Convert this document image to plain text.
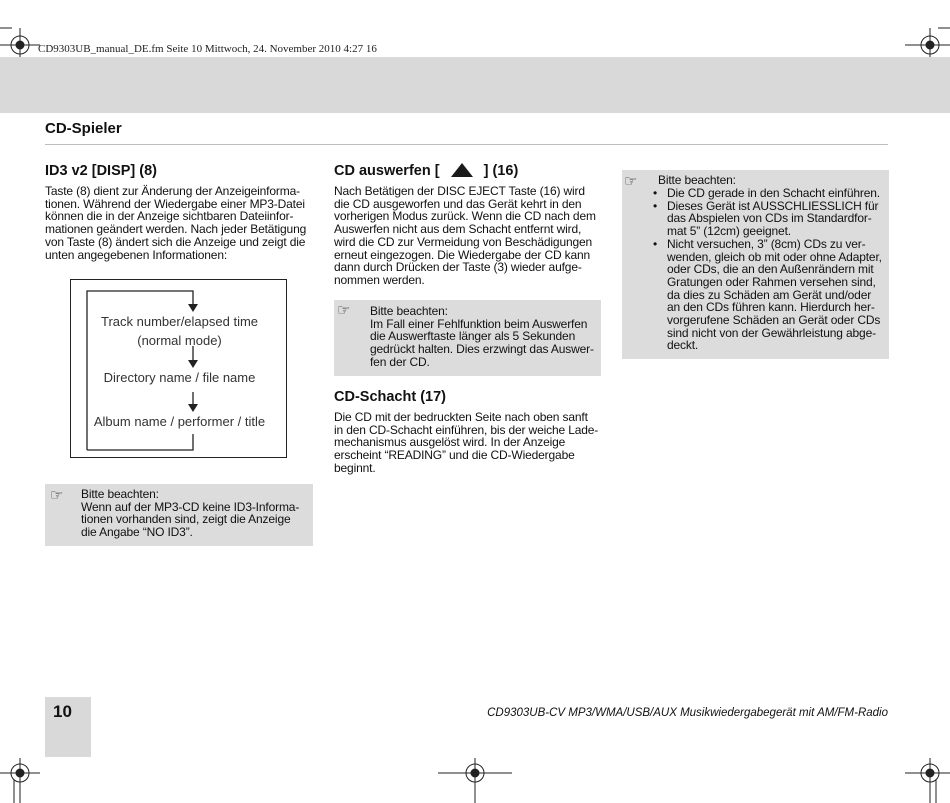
CD9303UB_manual_DE.fm Seite 10 Mittwoch, 24. November 2010 4:27 16
CD-Spieler
ID3 v2 [DISP] (8)
Taste (8) dient zur Änderung der Anzeigeinforma-
tionen. Während der Wiedergabe einer MP3-Datei
können die in der Anzeige sichtbaren Dateiinfor-
mationen geändert werden. Nach jeder Betätigung
von Taste (8) ändert sich die Anzeige und zeigt die
unten angegebenen Informationen:
Track number/elapsed time
(normal mode)
Directory name / file name
Album name / performer / title
☞ Bitte beachten:
Wenn auf der MP3-CD keine ID3-Informa-
tionen vorhanden sind, zeigt die Anzeige
die Angabe “NO ID3”.
CD auswerfen [	] (16)
Nach Betätigen der DISC EJECT Taste (16) wird
die CD ausgeworfen und das Gerät kehrt in den
vorherigen Modus zurück. Wenn die CD nach dem
Auswerfen nicht aus dem Schacht entfernt wird,
wird die CD zur Vermeidung von Beschädigungen
erneut eingezogen. Die Wiedergabe der CD kann
dann durch Drücken der Taste (3) wieder aufge-
nommen werden.
☞ Bitte beachten:
Im Fall einer Fehlfunktion beim Auswerfen
die Auswerftaste länger als 5 Sekunden
gedrückt halten. Dies erzwingt das Auswer-
fen der CD.
CD-Schacht (17)
Die CD mit der bedruckten Seite nach oben sanft
in den CD-Schacht einführen, bis der weiche Lade-
mechanismus ausgelöst wird. In der Anzeige
erscheint “READING” und die CD-Wiedergabe
beginnt.
☞ Bitte beachten:
• Die CD gerade in den Schacht einführen.

• Dieses Gerät ist AUSSCHLIESSLICH für
das Abspielen von CDs im Standardfor-
mat 5” (12cm) geeignet.
• Nicht versuchen, 3” (8cm) CDs zu ver-
wenden, gleich ob mit oder ohne Adapter,
oder CDs, die an den Außenrändern mit
Gratungen oder Rahmen versehen sind,
da dies zu Schäden am Gerät und/oder
an den CDs führen kann. Hierdurch her-
vorgerufene Schäden an Gerät oder CDs
sind nicht von der Gewährleistung abge-
deckt.
10	CD9303UB-CV MP3/WMA/USB/AUX Musikwiedergabegerät mit AM/FM-Radio
